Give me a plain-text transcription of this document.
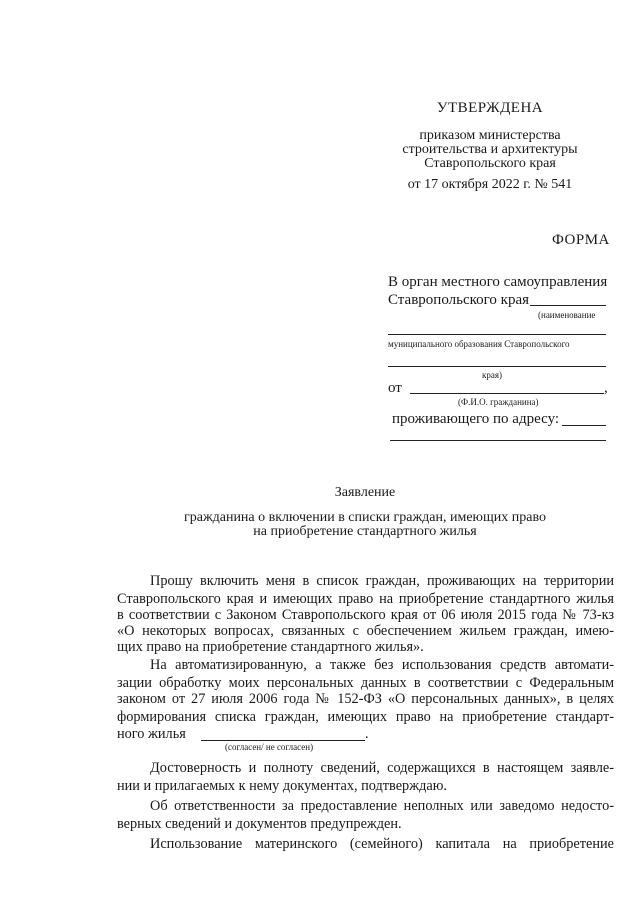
УТВЕРЖДЕНА
приказом министерства
строительства и архитектуры
Ставропольского края
от 17 октября 2022 г. № 541
ФОРМА
В орган местного самоуправления
Ставропольского края
(наименование
муниципального образования Ставропольского
края)
от	,
(Ф.И.О. гражданина)
проживающего по адресу:
Заявление
гражданина о включении в списки граждан, имеющих право
на приобретение стандартного жилья
Прошу включить меня в список граждан, проживающих на территории
Ставропольского края и имеющих право на приобретение стандартного жилья
в соответствии с Законом Ставропольского края от 06 июля 2015 года № 73-кз
«О некоторых вопросах, связанных с обеспечением жильем граждан, имею-
щих право на приобретение стандартного жилья».
На автоматизированную, а также без использования средств автомати-
зации обработку моих персональных данных в соответствии с Федеральным
законом от 27 июля 2006 года № 152-ФЗ «О персональных данных», в целях
формирования списка граждан, имеющих право на приобретение стандарт-
ного жилья	.
(согласен/ не согласен)
Достоверность и полноту сведений, содержащихся в настоящем заявле-
нии и прилагаемых к нему документах, подтверждаю.
Об ответственности за предоставление неполных или заведомо недосто-
верных сведений и документов предупрежден.
Использование материнского (семейного) капитала на приобретение
